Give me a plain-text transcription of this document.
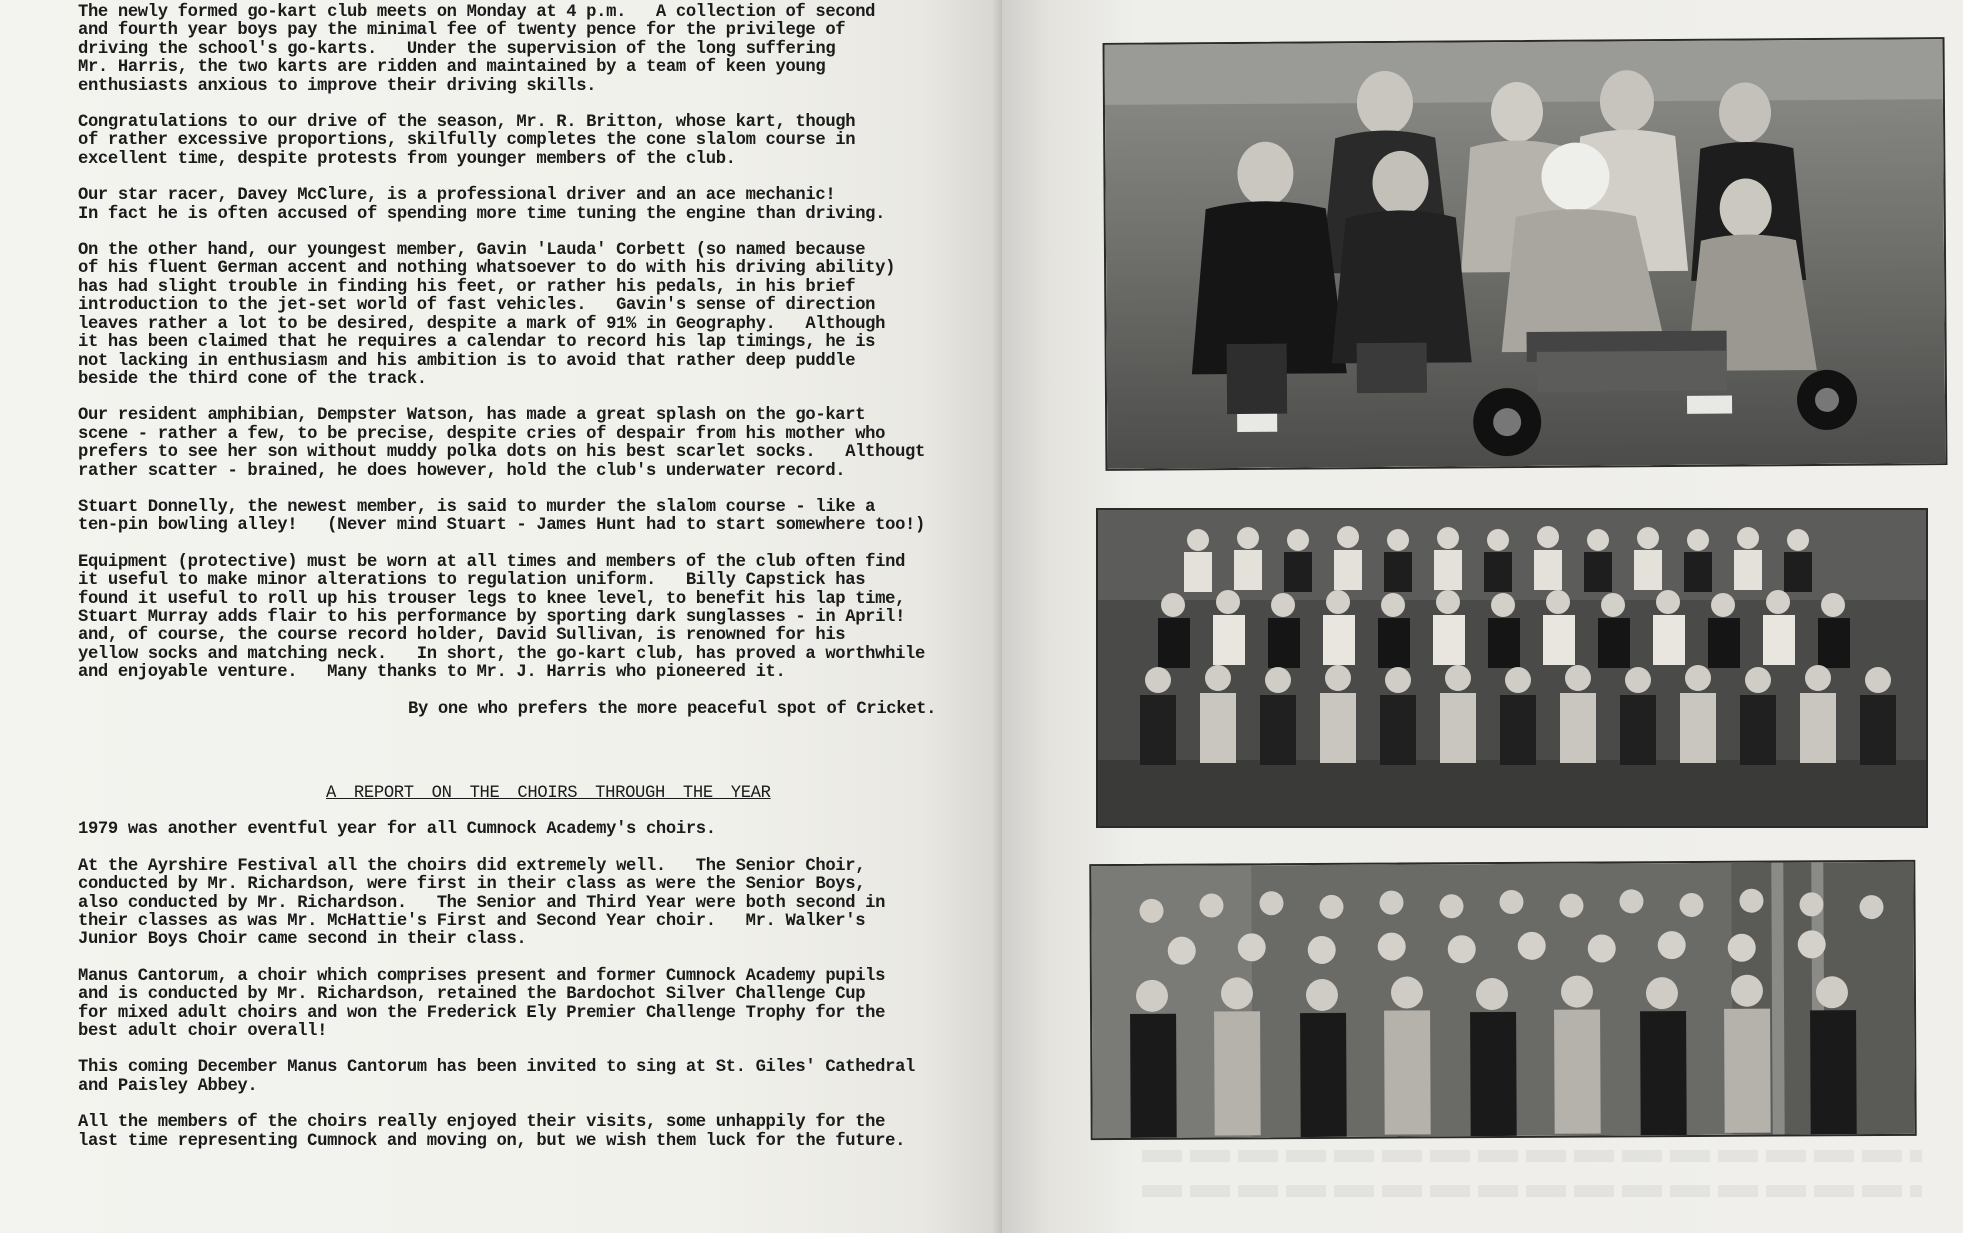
The newly formed go-kart club meets on Monday at 4 p.m.   A collection of second
and fourth year boys pay the minimal fee of twenty pence for the privilege of
driving the school's go-karts.   Under the supervision of the long suffering
Mr. Harris, the two karts are ridden and maintained by a team of keen young
enthusiasts anxious to improve their driving skills.

Congratulations to our drive of the season, Mr. R. Britton, whose kart, though
of rather excessive proportions, skilfully completes the cone slalom course in
excellent time, despite protests from younger members of the club.

Our star racer, Davey McClure, is a professional driver and an ace mechanic!
In fact he is often accused of spending more time tuning the engine than driving.

On the other hand, our youngest member, Gavin 'Lauda' Corbett (so named because
of his fluent German accent and nothing whatsoever to do with his driving ability)
has had slight trouble in finding his feet, or rather his pedals, in his brief
introduction to the jet-set world of fast vehicles.   Gavin's sense of direction
leaves rather a lot to be desired, despite a mark of 91% in Geography.   Although
it has been claimed that he requires a calendar to record his lap timings, he is
not lacking in enthusiasm and his ambition is to avoid that rather deep puddle
beside the third cone of the track.

Our resident amphibian, Dempster Watson, has made a great splash on the go-kart
scene - rather a few, to be precise, despite cries of despair from his mother who
prefers to see her son without muddy polka dots on his best scarlet socks.   Althougt
rather scatter - brained, he does however, hold the club's underwater record.

Stuart Donnelly, the newest member, is said to murder the slalom course - like a
ten-pin bowling alley!   (Never mind Stuart - James Hunt had to start somewhere too!)

Equipment (protective) must be worn at all times and members of the club often find
it useful to make minor alterations to regulation uniform.   Billy Capstick has
found it useful to roll up his trouser legs to knee level, to benefit his lap time,
Stuart Murray adds flair to his performance by sporting dark sunglasses - in April!
and, of course, the course record holder, David Sullivan, is renowned for his
yellow socks and matching neck.   In short, the go-kart club, has proved a worthwhile
and enjoyable venture.   Many thanks to Mr. J. Harris who pioneered it.

By one who prefers the more peaceful spot of Cricket.

A REPORT ON THE CHOIRS THROUGH THE YEAR

1979 was another eventful year for all Cumnock Academy's choirs.

At the Ayrshire Festival all the choirs did extremely well.   The Senior Choir,
conducted by Mr. Richardson, were first in their class as were the Senior Boys,
also conducted by Mr. Richardson.   The Senior and Third Year were both second in
their classes as was Mr. McHattie's First and Second Year choir.   Mr. Walker's
Junior Boys Choir came second in their class.

Manus Cantorum, a choir which comprises present and former Cumnock Academy pupils
and is conducted by Mr. Richardson, retained the Bardochot Silver Challenge Cup
for mixed adult choirs and won the Frederick Ely Premier Challenge Trophy for the
best adult choir overall!

This coming December Manus Cantorum has been invited to sing at St. Giles' Cathedral
and Paisley Abbey.

All the members of the choirs really enjoyed their visits, some unhappily for the
last time representing Cumnock and moving on, but we wish them luck for the future.
